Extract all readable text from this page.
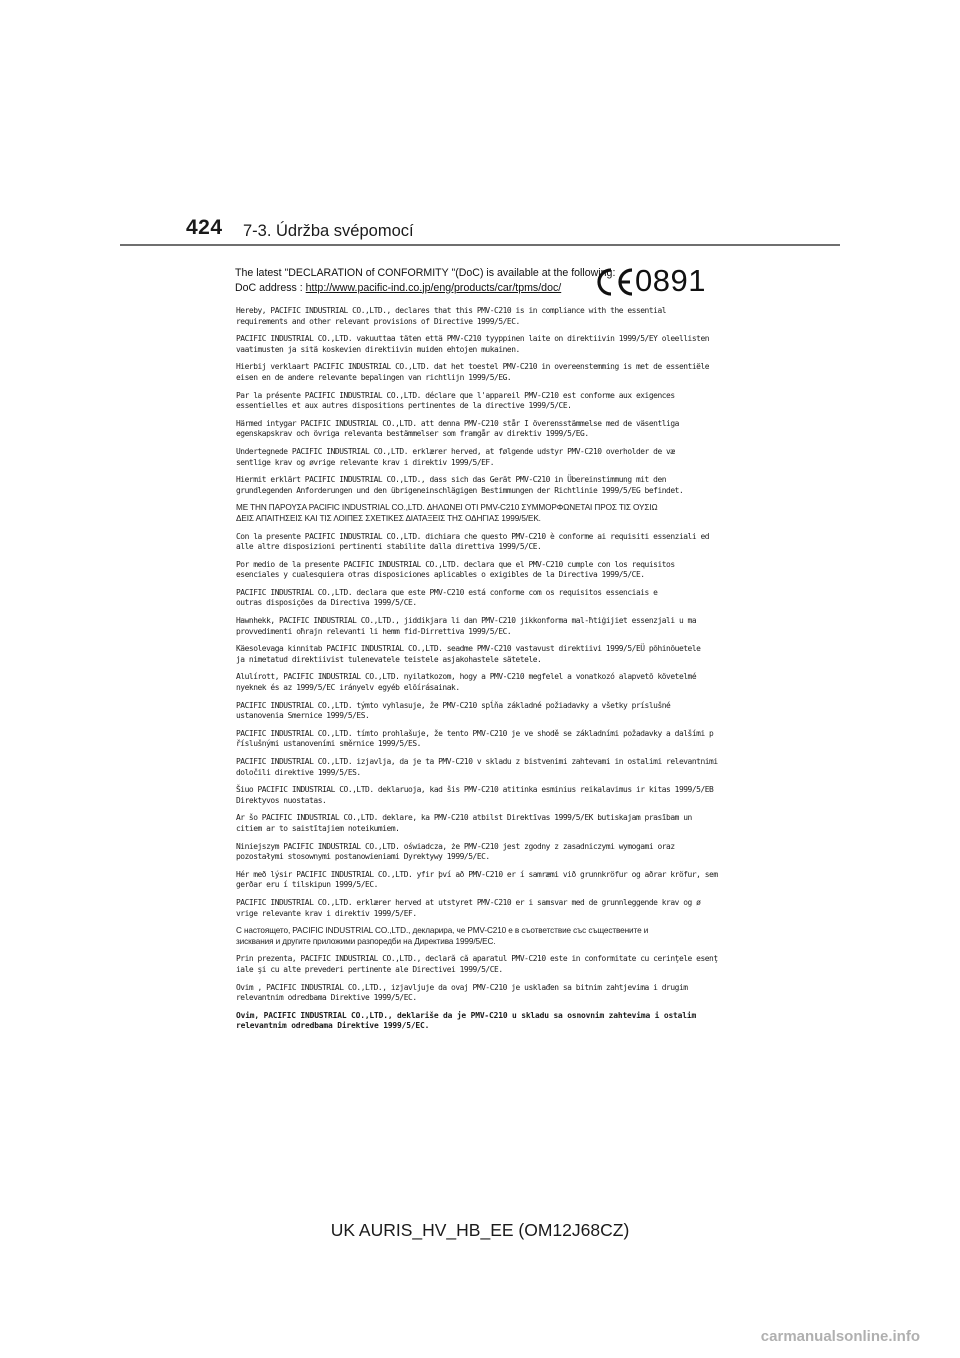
424 7-3. Údržba svépomocí
The latest "DECLARATION of CONFORMITY "(DoC) is available at the following:
DoC address : http://www.pacific-ind.co.jp/eng/products/car/tpms/doc/	0891
Hereby, PACIFIC INDUSTRIAL CO.,LTD., declares that this PMV-C210 is in compliance with the essential
requirements and other relevant provisions of Directive 1999/5/EC.
PACIFIC INDUSTRIAL CO.,LTD. vakuuttaa täten että PMV-C210 tyyppinen laite on direktiivin 1999/5/EY oleellisten
vaatimusten ja sitä koskevien direktiivin muiden ehtojen mukainen.
Hierbij verklaart PACIFIC INDUSTRIAL CO.,LTD. dat het toestel PMV-C210 in overeenstemming is met de essentiële
eisen en de andere relevante bepalingen van richtlijn 1999/5/EG.
Par la présente PACIFIC INDUSTRIAL CO.,LTD. déclare que l'appareil PMV-C210 est conforme aux exigences
essentielles et aux autres dispositions pertinentes de la directive 1999/5/CE.
Härmed intygar PACIFIC INDUSTRIAL CO.,LTD. att denna PMV-C210 står I överensstämmelse med de väsentliga
egenskapskrav och övriga relevanta bestämmelser som framgår av direktiv 1999/5/EG.
Undertegnede PACIFIC INDUSTRIAL CO.,LTD. erklærer herved, at følgende udstyr PMV-C210 overholder de væ
sentlige krav og øvrige relevante krav i direktiv 1999/5/EF.
Hiermit erklärt PACIFIC INDUSTRIAL CO.,LTD., dass sich das Gerät PMV-C210 in Übereinstimmung mit den
grundlegenden Anforderungen und den übrigeneinschlägigen Bestimmungen der Richtlinie 1999/5/EG befindet.
ΜΕ ΤΗΝ ΠΑΡΟΥΣΑ PACIFIC INDUSTRIAL CO.,LTD. ΔΗΛΩΝΕΙ ΟΤΙ PMV-C210 ΣΥΜΜΟΡΦΩΝΕΤΑΙ ΠΡΟΣ ΤΙΣ ΟΥΣΙΩ
ΔΕΙΣ ΑΠΑΙΤΗΣΕΙΣ ΚΑΙ ΤΙΣ ΛΟΙΠΕΣ ΣΧΕΤΙΚΕΣ ΔΙΑΤΑΞΕΙΣ ΤΗΣ ΟΔΗΓΙΑΣ 1999/5/ΕΚ.
Con la presente PACIFIC INDUSTRIAL CO.,LTD. dichiara che questo PMV-C210 è conforme ai requisiti essenziali ed
alle altre disposizioni pertinenti stabilite dalla direttiva 1999/5/CE.
Por medio de la presente PACIFIC INDUSTRIAL CO.,LTD. declara que el PMV-C210 cumple con los requisitos
esenciales y cualesquiera otras disposiciones aplicables o exigibles de la Directiva 1999/5/CE.
PACIFIC INDUSTRIAL CO.,LTD. declara que este PMV-C210 está conforme com os requisitos essenciais e
outras disposições da Directiva 1999/5/CE.
Hawnhekk, PACIFIC INDUSTRIAL CO.,LTD., jiddikjara li dan PMV-C210 jikkonforma mal-ħtiġijiet essenzjali u ma
provvedimenti oħrajn relevanti li hemm fid-Dirrettiva 1999/5/EC.
Käesolevaga kinnitab PACIFIC INDUSTRIAL CO.,LTD. seadme PMV-C210 vastavust direktiivi 1999/5/EÜ põhinõuetele
ja nimetatud direktiivist tulenevatele teistele asjakohastele sätetele.
Alulírott, PACIFIC INDUSTRIAL CO.,LTD. nyilatkozom, hogy a PMV-C210 megfelel a vonatkozó alapvetõ követelmé
nyeknek és az 1999/5/EC irányelv egyéb elõírásainak.
PACIFIC INDUSTRIAL CO.,LTD. týmto vyhlasuje, že PMV-C210 spĺňa základné požiadavky a všetky príslušné
ustanovenia Smernice 1999/5/ES.
PACIFIC INDUSTRIAL CO.,LTD. tímto prohlašuje, že tento PMV-C210 je ve shodě se základními požadavky a dalšími p
říslušnými ustanoveními směrnice 1999/5/ES.
PACIFIC INDUSTRIAL CO.,LTD. izjavlja, da je ta PMV-C210 v skladu z bistvenimi zahtevami in ostalimi relevantnimi
določili direktive 1999/5/ES.
Šiuo PACIFIC INDUSTRIAL CO.,LTD. deklaruoja, kad šis PMV-C210 atitinka esminius reikalavimus ir kitas 1999/5/EB
Direktyvos nuostatas.
Ar šo PACIFIC INDUSTRIAL CO.,LTD. deklare, ka PMV-C210 atbilst Direktīvas 1999/5/EK butiskajam prasībam un
citiem ar to saistītajiem noteikumiem.
Niniejszym PACIFIC INDUSTRIAL CO.,LTD. oświadcza, że PMV-C210 jest zgodny z zasadniczymi wymogami oraz
pozostałymi stosownymi postanowieniami Dyrektywy 1999/5/EC.
Hér með lýsir PACIFIC INDUSTRIAL CO.,LTD. yfir því að PMV-C210 er í samræmi við grunnkröfur og aðrar kröfur, sem
gerðar eru í tilskipun 1999/5/EC.
PACIFIC INDUSTRIAL CO.,LTD. erklærer herved at utstyret PMV-C210 er i samsvar med de grunnleggende krav og ø
vrige relevante krav i direktiv 1999/5/EF.
С настоящето, PACIFIC INDUSTRIAL CO.,LTD., декларира, че PMV-C210 е в съответствие със съществените и
зисквания и другите приложими разпоредби на Директива 1999/5/EC.
Prin prezenta, PACIFIC INDUSTRIAL CO.,LTD., declară că aparatul PMV-C210 este in conformitate cu cerinţele esenţ
iale şi cu alte prevederi pertinente ale Directivei 1999/5/CE.
Ovim , PACIFIC INDUSTRIAL CO.,LTD., izjavljuje da ovaj PMV-C210 je usklađen sa bitnim zahtjevima i drugim
relevantnim odredbama Direktive 1999/5/EC.
Ovim, PACIFIC INDUSTRIAL CO.,LTD., deklariše da je PMV-C210 u skladu sa osnovnim zahtevima i ostalim
relevantnim odredbama Direktive 1999/5/EC.
UK AURIS_HV_HB_EE (OM12J68CZ)
carmanualsonline.info
